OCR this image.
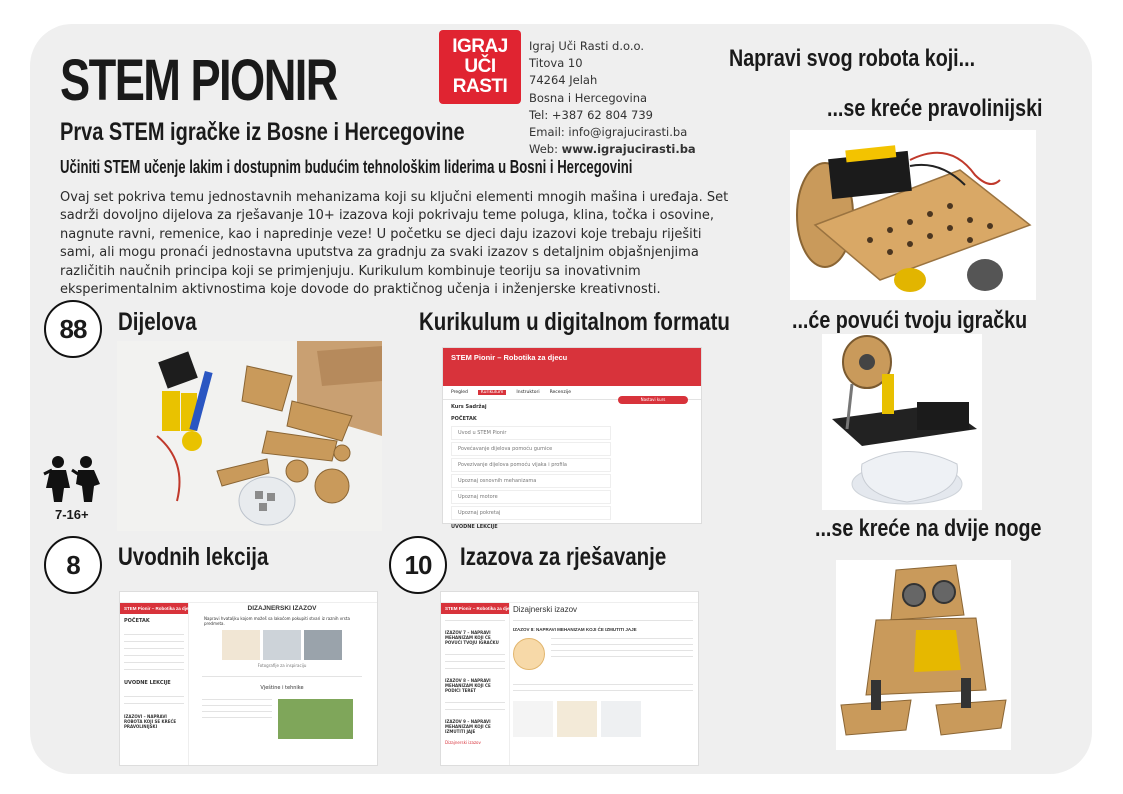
STEM PIONIR
Prva STEM igračke iz Bosne i Hercegovine
Učiniti STEM učenje lakim i dostupnim budućim tehnološkim liderima u Bosni i Hercegovini
Ovaj set pokriva temu jednostavnih mehanizama koji su ključni elementi mnogih mašina i uređaja. Set sadrži dovoljno dijelova za rješavanje 10+ izazova koji pokrivaju teme poluga, klina, točka i osovine, nagnute ravni, remenice, kao i napredinje veze! U početku se djeci daju izazovi koje trebaju riješiti sami, ali mogu pronaći jednostavna uputstva za gradnju za svaki izazov s detaljnim objašnjenjima različitih naučnih principa koji se primjenjuju. Kurikulum kombinuje teoriju sa inovativnim eksperimentalnim aktivnostima koje dovode do praktičnog učenja i inženjerske kreativnosti.
IGRAJ
UČI
RASTI
Igraj Uči Rasti d.o.o.
Titova 10
74264 Jelah
Bosna i Hercegovina
Tel: +387 62 804 739
Email: info@igrajucirasti.ba
Web: www.igrajucirasti.ba
Napravi svog robota koji...
...se kreće pravolinijski
...će povući tvoju igračku
...se kreće na dvije noge
88	Dijelova
7-16+
Kurikulum u digitalnom formatu
STEM Pionir – Robotika za djecu
Pregled	Kurikulum	Instruktori Recenzije
Nastavi kurs
Kurs Sadržaj
POČETAK
Uvod u STEM Pionir
Povećavanje dijelova pomoću gumice
Povezivanje dijelova pomoću vijaka i profila
Upoznaj osnovnih mehanizama
Upoznaj motore
Upoznaj pokretaj
UVODNE LEKCIJE
8	Uvodnih lekcija
STEM Pionir – Robotika za djecu
POČETAK
UVODNE LEKCIJE
IZAZOVI – NAPRAVI ROBOTA KOJI SE KREĆE PRAVOLINIJSKI
DIZAJNERSKI IZAZOV
Napravi hvataljku kojom možeš sa lakoćom pokupiti stvari iz raznih vrsta predmeta.
Fotografije za inspiraciju
Vještine i tehnike
10	Izazova za rješavanje
STEM Pionir – Robotika za djecu
IZAZOV 7 – NAPRAVI MEHANIZAM KOJI ĆE POVUĆI TVOJU IGRAČKU
IZAZOV 8 – NAPRAVI MEHANIZAM KOJI ĆE PODIĆI TERET
IZAZOV 9 – NAPRAVI MEHANIZAM KOJI ĆE IZMUTITI JAJE
Dizajnerski izazov
Dizajnerski izazov
IZAZOV 8: NAPRAVI MEHANIZAM KOJI ĆE IZMUTITI JAJE
